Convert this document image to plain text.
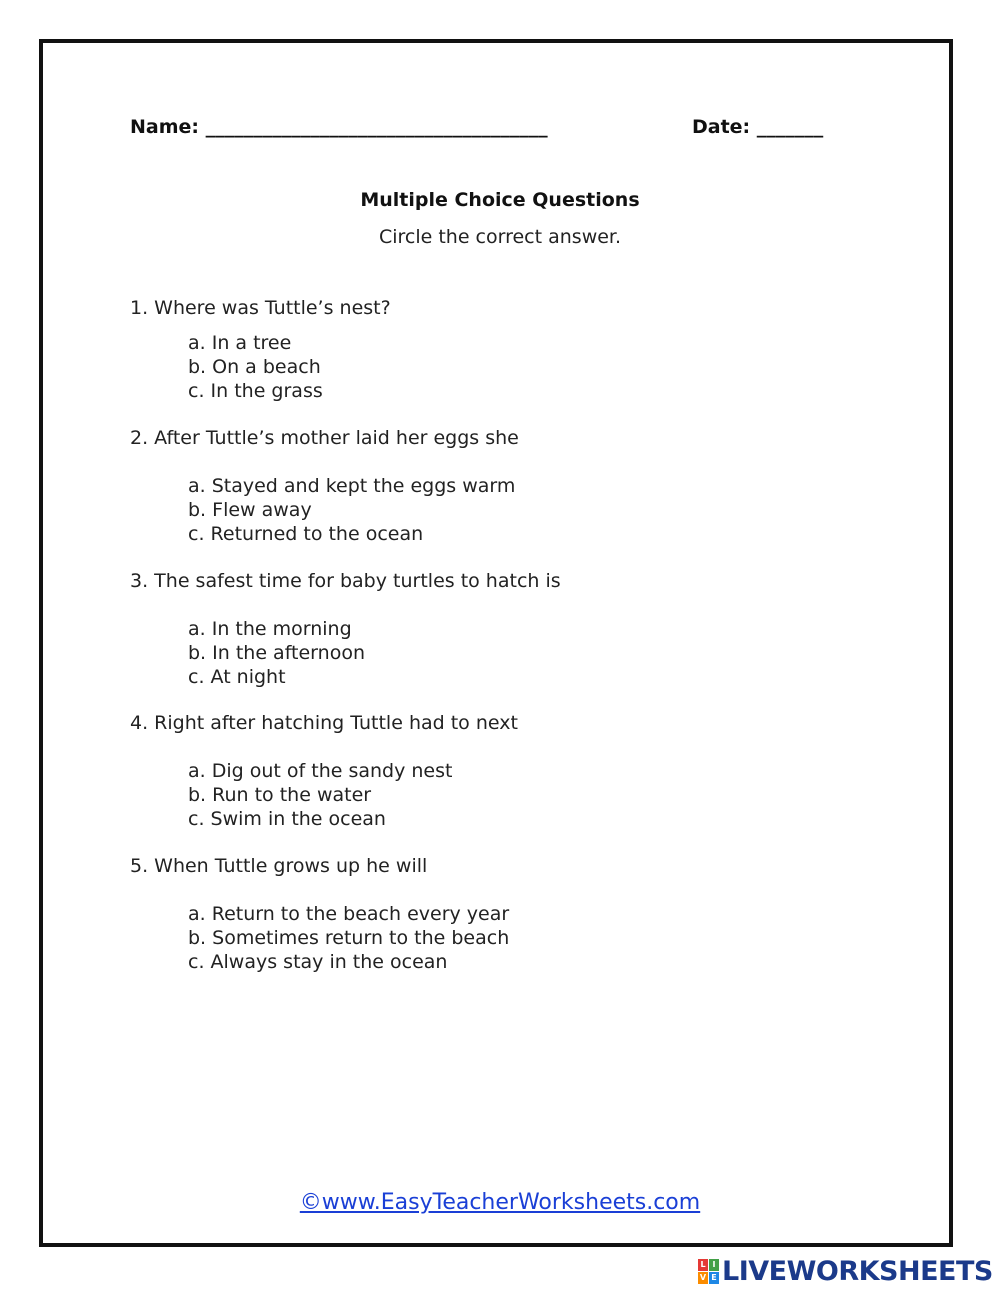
Name: ____________________________________	Date: _______
Multiple Choice Questions
Circle the correct answer.
1. Where was Tuttle’s nest?
a. In a tree
b. On a beach
c. In the grass
2. After Tuttle’s mother laid her eggs she
a. Stayed and kept the eggs warm
b. Flew away
c. Returned to the ocean
3. The safest time for baby turtles to hatch is
a. In the morning
b. In the afternoon
c. At night
4. Right after hatching Tuttle had to next
a. Dig out of the sandy nest
b. Run to the water
c. Swim in the ocean
5. When Tuttle grows up he will
a. Return to the beach every year
b. Sometimes return to the beach
c. Always stay in the ocean
©www.EasyTeacherWorksheets.com
L I
V E LIVEWORKSHEETS
